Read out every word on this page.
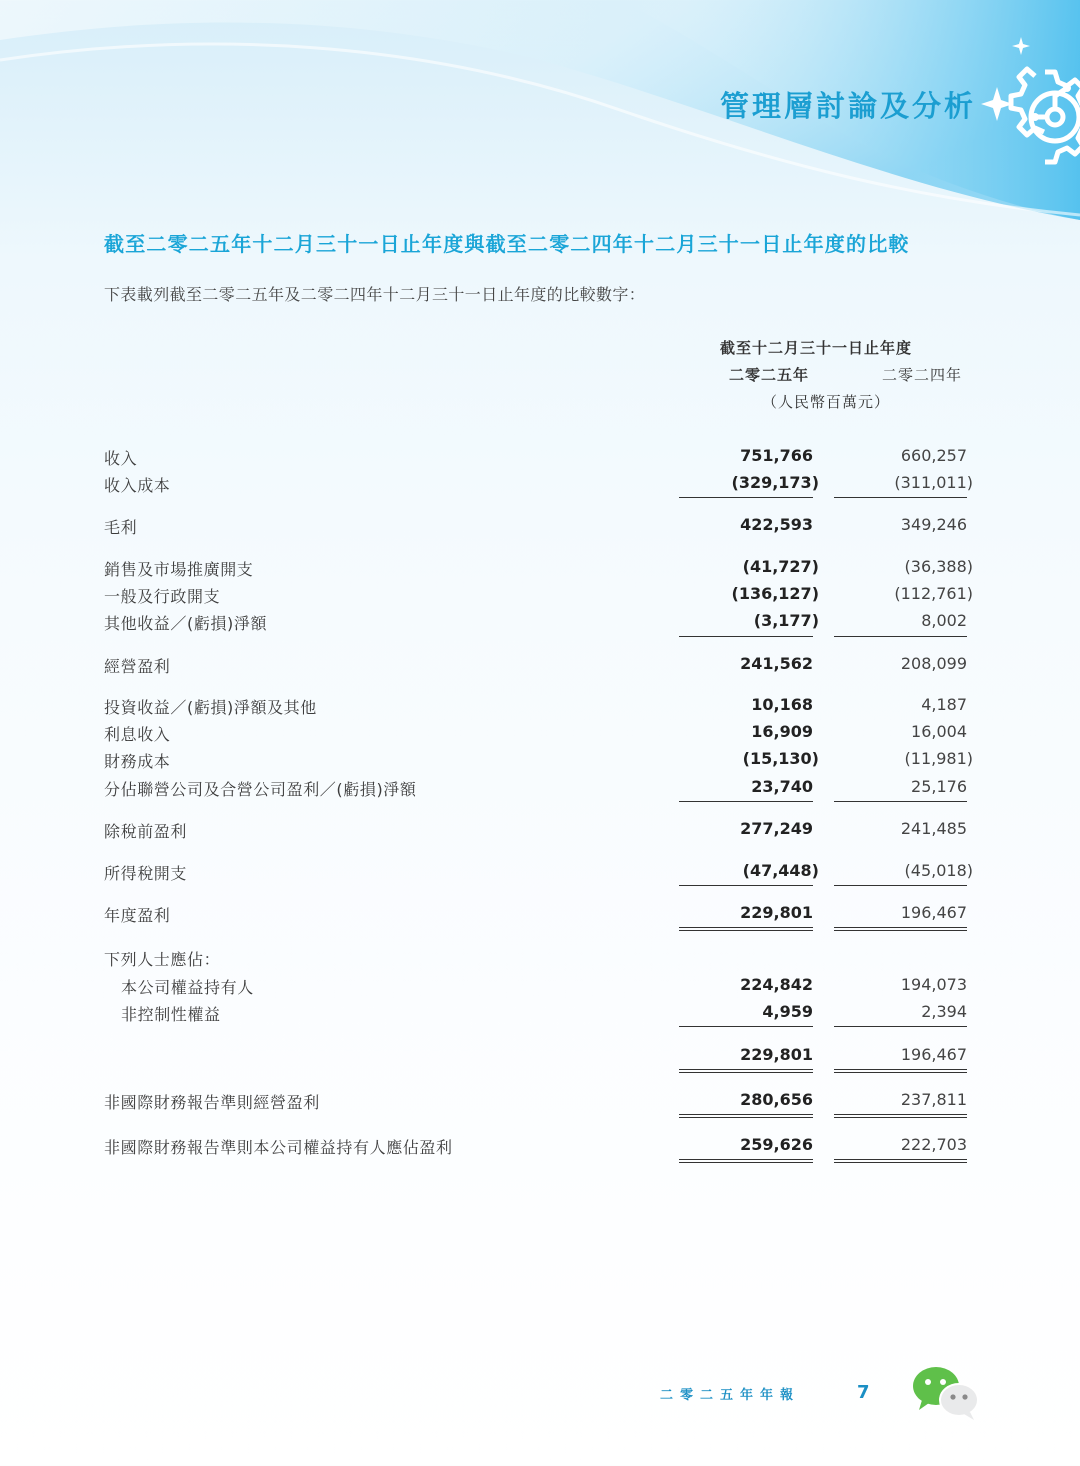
管理層討論及分析
截至二零二五年十二月三十一日止年度與截至二零二四年十二月三十一日止年度的比較
下表載列截至二零二五年及二零二四年十二月三十一日止年度的比較數字：
截至十二月三十一日止年度
二零二五年	二零二四年
（人民幣百萬元）
收入	751,766	660,257
收入成本	(329,173)	(311,011)
毛利	422,593	349,246
銷售及市場推廣開支	(41,727)	(36,388)
一般及行政開支	(136,127)	(112,761)
其他收益／(虧損)淨額	(3,177)	8,002
經營盈利	241,562	208,099
投資收益／(虧損)淨額及其他	10,168	4,187
利息收入	16,909	16,004
財務成本	(15,130)	(11,981)
分佔聯營公司及合營公司盈利／(虧損)淨額	23,740	25,176
除稅前盈利	277,249	241,485
所得稅開支	(47,448)	(45,018)
年度盈利	229,801	196,467
下列人士應佔：
本公司權益持有人	224,842	194,073
非控制性權益	4,959	2,394
229,801	196,467
非國際財務報告準則經營盈利	280,656	237,811
非國際財務報告準則本公司權益持有人應佔盈利	259,626	222,703
二零二五年年報	7
